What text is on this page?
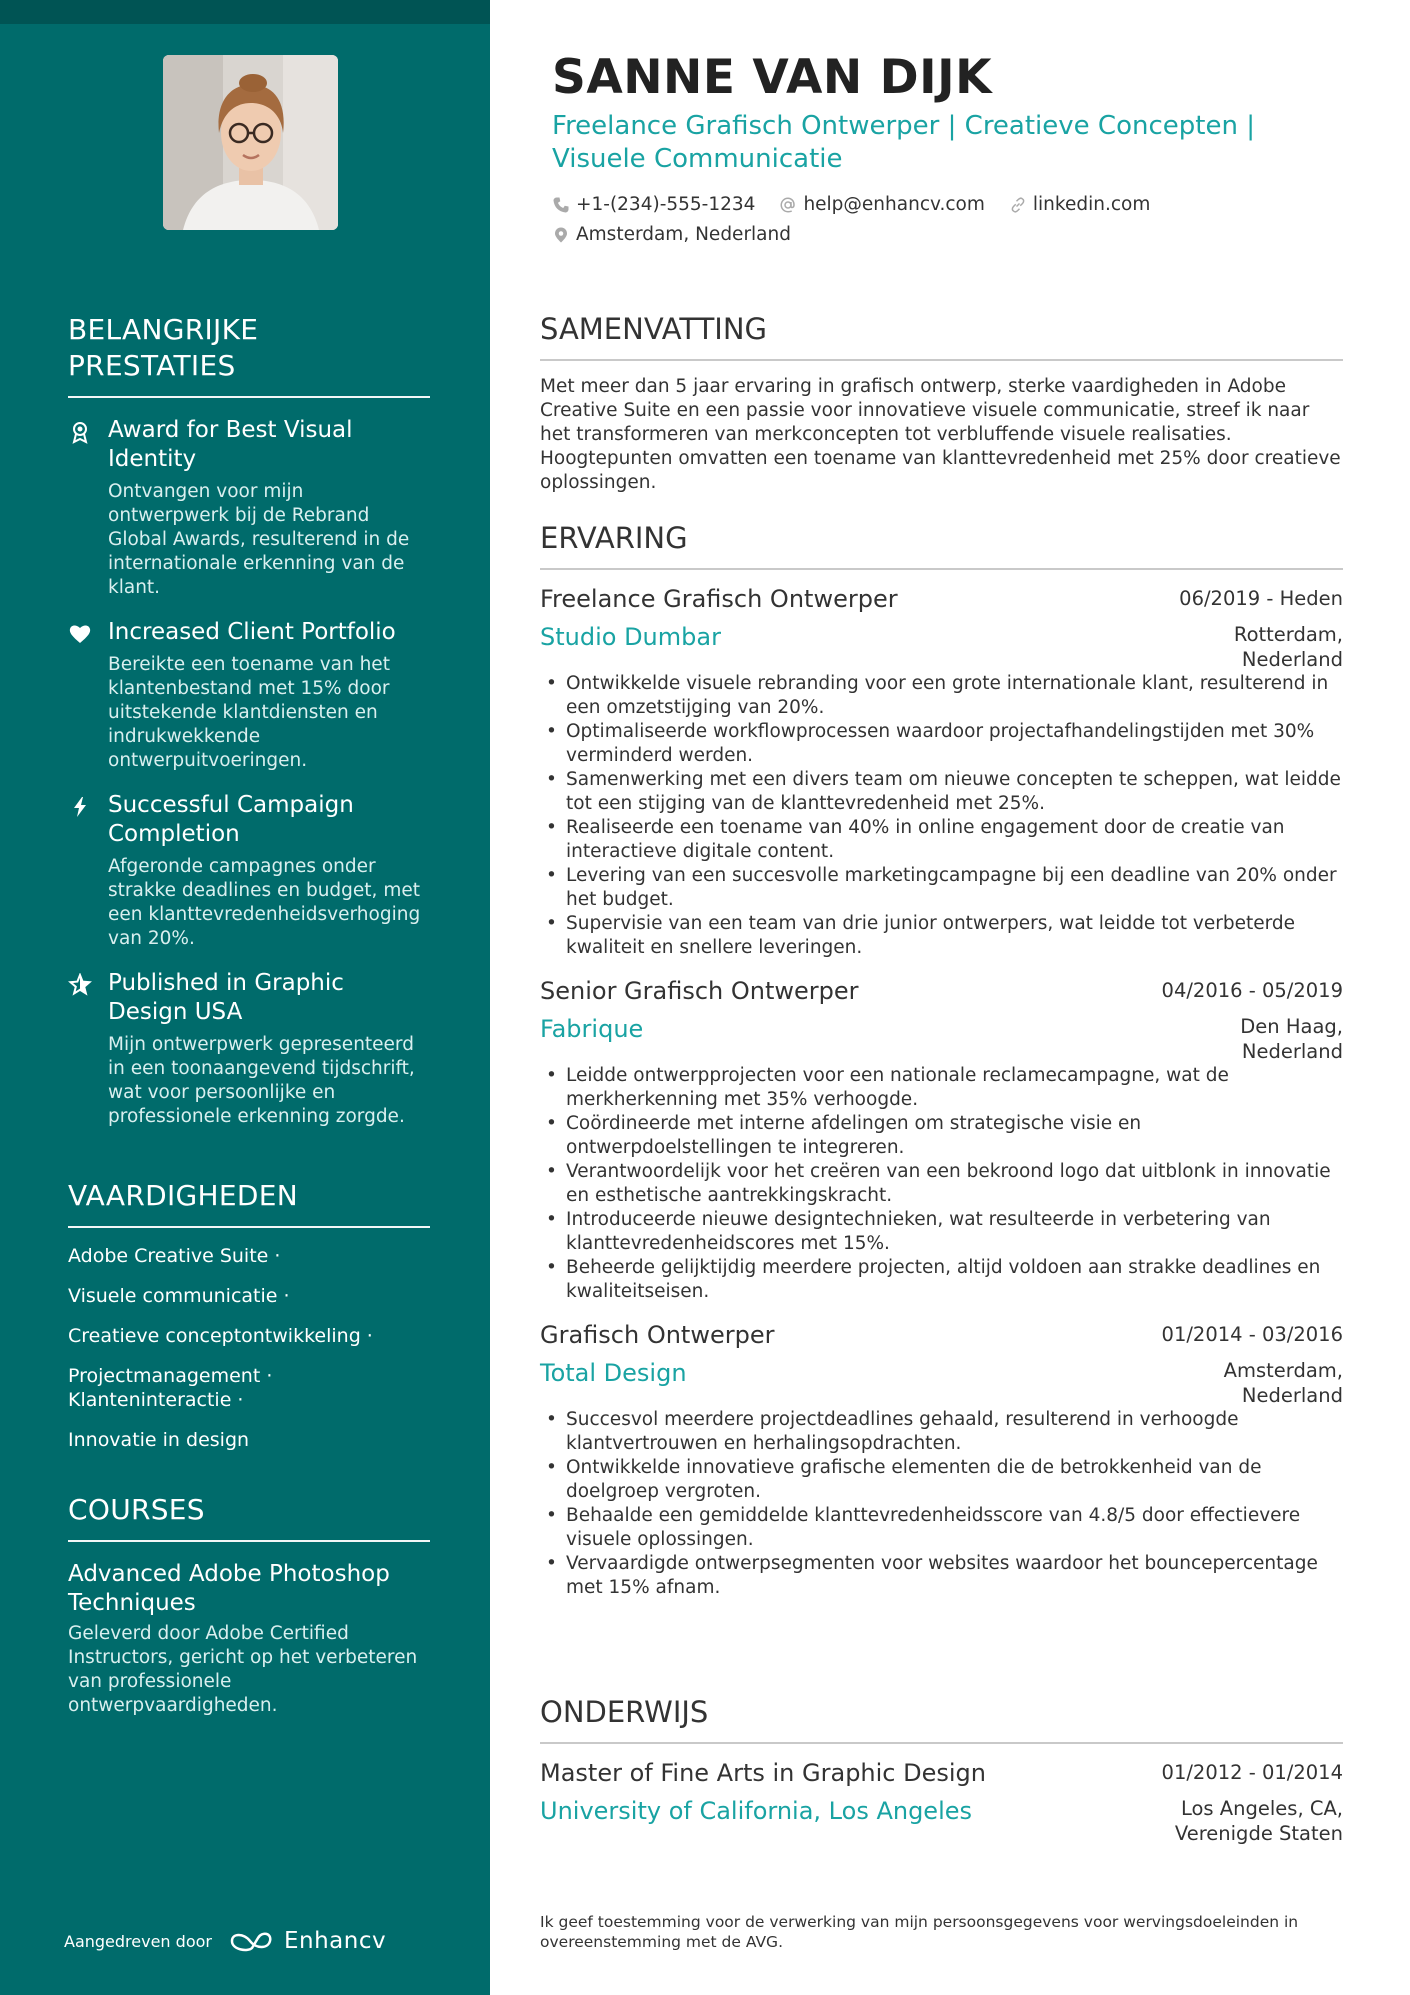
BELANGRIJKE PRESTATIES
Award for Best Visual Identity
Ontvangen voor mijn ontwerpwerk bij de Rebrand Global Awards, resulterend in de internationale erkenning van de klant.
Increased Client Portfolio
Bereikte een toename van het klantenbestand met 15% door uitstekende klantdiensten en indrukwekkende ontwerpuitvoeringen.
Successful Campaign Completion
Afgeronde campagnes onder strakke deadlines en budget, met een klanttevredenheidsverhoging van 20%.
Published in Graphic Design USA
Mijn ontwerpwerk gepresenteerd in een toonaangevend tijdschrift, wat voor persoonlijke en professionele erkenning zorgde.
VAARDIGHEDEN
Adobe Creative Suite ·
Visuele communicatie ·
Creatieve conceptontwikkeling ·
Projectmanagement · Klanteninteractie ·
Innovatie in design
COURSES
Advanced Adobe Photoshop Techniques
Geleverd door Adobe Certified Instructors, gericht op het verbeteren van professionele ontwerpvaardigheden.
Aangedreven door	Enhancv
SANNE VAN DIJK
Freelance Grafisch Ontwerper | Creatieve Concepten | Visuele Communicatie
+1-(234)-555-1234	help@enhancv.com	linkedin.com
Amsterdam, Nederland
SAMENVATTING
Met meer dan 5 jaar ervaring in grafisch ontwerp, sterke vaardigheden in Adobe Creative Suite en een passie voor innovatieve visuele communicatie, streef ik naar het transformeren van merkconcepten tot verbluffende visuele realisaties. Hoogtepunten omvatten een toename van klanttevredenheid met 25% door creatieve oplossingen.
ERVARING
Freelance Grafisch Ontwerper	06/2019 - Heden
Studio Dumbar	Rotterdam, Nederland
• Ontwikkelde visuele rebranding voor een grote internationale klant, resulterend in een omzetstijging van 20%.
• Optimaliseerde workflowprocessen waardoor projectafhandelingstijden met 30% verminderd werden.
• Samenwerking met een divers team om nieuwe concepten te scheppen, wat leidde tot een stijging van de klanttevredenheid met 25%.
• Realiseerde een toename van 40% in online engagement door de creatie van interactieve digitale content.
• Levering van een succesvolle marketingcampagne bij een deadline van 20% onder het budget.
• Supervisie van een team van drie junior ontwerpers, wat leidde tot verbeterde kwaliteit en snellere leveringen.
Senior Grafisch Ontwerper	04/2016 - 05/2019
Fabrique	Den Haag, Nederland
• Leidde ontwerpprojecten voor een nationale reclamecampagne, wat de merkherkenning met 35% verhoogde.
• Coördineerde met interne afdelingen om strategische visie en ontwerpdoelstellingen te integreren.
• Verantwoordelijk voor het creëren van een bekroond logo dat uitblonk in innovatie en esthetische aantrekkingskracht.
• Introduceerde nieuwe designtechnieken, wat resulteerde in verbetering van klanttevredenheidscores met 15%.
• Beheerde gelijktijdig meerdere projecten, altijd voldoen aan strakke deadlines en kwaliteitseisen.
Grafisch Ontwerper	01/2014 - 03/2016
Total Design	Amsterdam, Nederland
• Succesvol meerdere projectdeadlines gehaald, resulterend in verhoogde klantvertrouwen en herhalingsopdrachten.
• Ontwikkelde innovatieve grafische elementen die de betrokkenheid van de doelgroep vergroten.
• Behaalde een gemiddelde klanttevredenheidsscore van 4.8/5 door effectievere visuele oplossingen.
• Vervaardigde ontwerpsegmenten voor websites waardoor het bouncepercentage met 15% afnam.
ONDERWIJS
Master of Fine Arts in Graphic Design	01/2012 - 01/2014
University of California, Los Angeles	Los Angeles, CA, Verenigde Staten
Ik geef toestemming voor de verwerking van mijn persoonsgegevens voor wervingsdoeleinden in overeenstemming met de AVG.
